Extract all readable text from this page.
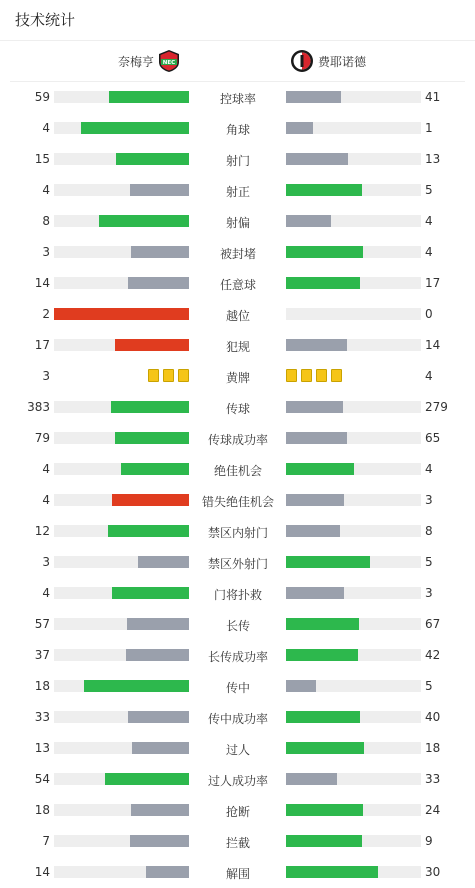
技术统计
奈梅亨 NEC	费耶诺德
59	控球率	41
4	角球	1
15	射门	13
4	射正	5
8	射偏	4
3	被封堵	4
14	任意球	17
2	越位	0
17	犯规	14
3	黄牌	4
383	传球	279
79	传球成功率	65
4	绝佳机会	4
4	错失绝佳机会	3
12	禁区内射门	8
3	禁区外射门	5
4	门将扑救	3
57	长传	67
37	长传成功率	42
18	传中	5
33	传中成功率	40
13	过人	18
54	过人成功率	33
18	抢断	24
7	拦截	9
14	解围	30
